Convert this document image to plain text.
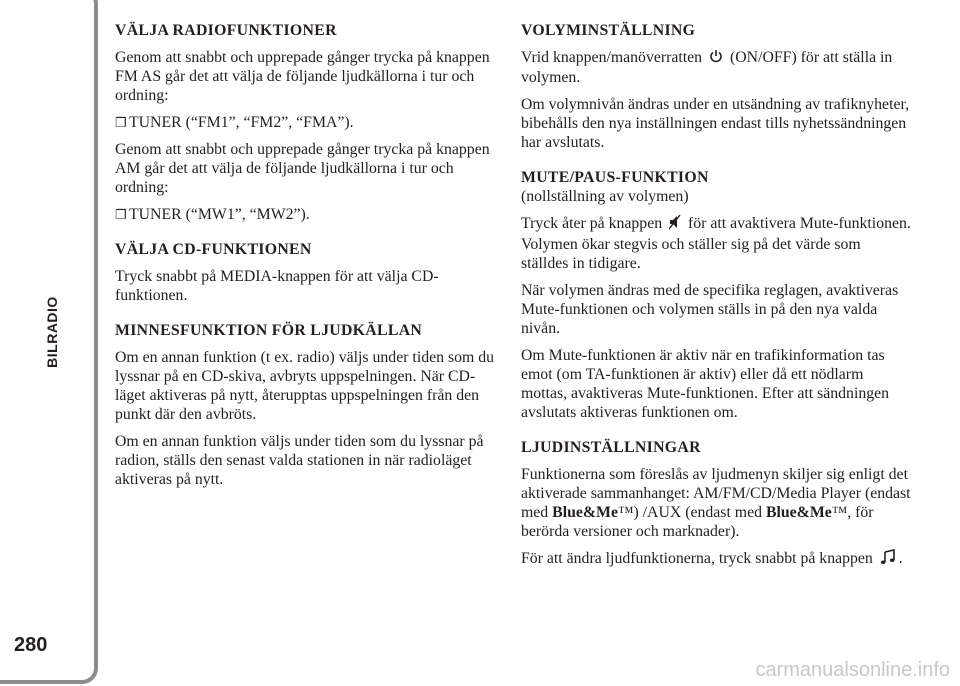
BILRADIO
280
VÄLJA RADIOFUNKTIONER

Genom att snabbt och upprepade gånger trycka på knappen FM AS går det att välja de följande ljudkällorna i tur och ordning:

❒ TUNER (“FM1”, “FM2”, “FMA”).

Genom att snabbt och upprepade gånger trycka på knappen AM går det att välja de följande ljudkällorna i tur och ordning:

❒ TUNER (“MW1”, “MW2”).

VÄLJA CD-FUNKTIONEN

Tryck snabbt på MEDIA-knappen för att välja CD-funktionen.

MINNESFUNKTION FÖR LJUDKÄLLAN

Om en annan funktion (t ex. radio) väljs under tiden som du lyssnar på en CD-skiva, avbryts uppspelningen. När CD-läget aktiveras på nytt, återupptas uppspelningen från den punkt där den avbröts.

Om en annan funktion väljs under tiden som du lyssnar på radion, ställs den senast valda stationen in när radioläget aktiveras på nytt.

VOLYMINSTÄLLNING

Vrid knappen/manöverratten (ON/OFF) för att ställa in volymen.

Om volymnivån ändras under en utsändning av trafiknyheter, bibehålls den nya inställningen endast tills nyhetssändningen har avslutats.

MUTE/PAUS-FUNKTION

(nollställning av volymen)

Tryck åter på knappen för att avaktivera Mute-funktionen. Volymen ökar stegvis och ställer sig på det värde som ställdes in tidigare.

När volymen ändras med de specifika reglagen, avaktiveras Mute-funktionen och volymen ställs in på den nya valda nivån.

Om Mute-funktionen är aktiv när en trafikinformation tas emot (om TA-funktionen är aktiv) eller då ett nödlarm mottas, avaktiveras Mute-funktionen. Efter att sändningen avslutats aktiveras funktionen om.

LJUDINSTÄLLNINGAR

Funktionerna som föreslås av ljudmenyn skiljer sig enligt det aktiverade sammanhanget: AM/FM/CD/Media Player (endast med Blue&Me™) /AUX (endast med Blue&Me™, för berörda versioner och marknader).

För att ändra ljudfunktionerna, tryck snabbt på knappen .

carmanualsonline.info
